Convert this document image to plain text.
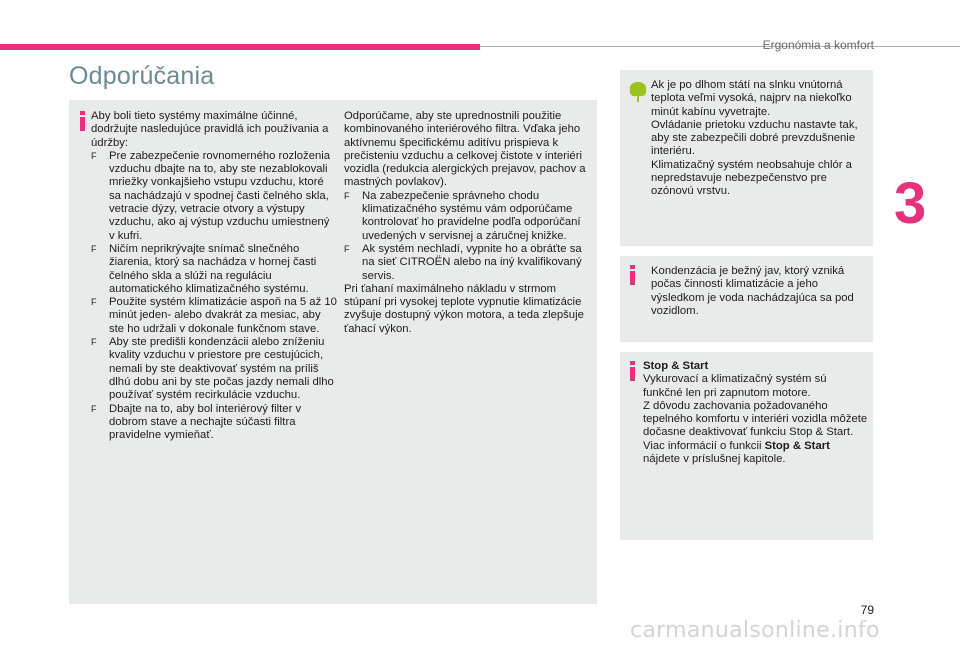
Ergonómia a komfort
Odporúčania

Aby boli tieto systémy maximálne účinné, dodržujte nasledujúce pravidlá ich používania a údržby:

F Pre zabezpečenie rovnomerného rozloženia vzduchu dbajte na to, aby ste nezablokovali mriežky vonkajšieho vstupu vzduchu, ktoré sa nachádzajú v spodnej časti čelného skla, vetracie dýzy, vetracie otvory a výstupy vzduchu, ako aj výstup vzduchu umiestnený v kufri.

F Ničím neprikrývajte snímač slnečného žiarenia, ktorý sa nachádza v hornej časti čelného skla a slúži na reguláciu automatického klimatizačného systému.

F Použite systém klimatizácie aspoň na 5 až 10 minút jeden- alebo dvakrát za mesiac, aby ste ho udržali v dokonale funkčnom stave.

F Aby ste predišli kondenzácii alebo zníženiu kvality vzduchu v priestore pre cestujúcich, nemali by ste deaktivovať systém na príliš dlhú dobu ani by ste počas jazdy nemali dlho používať systém recirkulácie vzduchu.

F Dbajte na to, aby bol interiérový filter v dobrom stave a nechajte súčasti filtra pravidelne vymieňať.

Odporúčame, aby ste uprednostnili použitie kombinovaného interiérového filtra. Vďaka jeho aktívnemu špecifickému aditívu prispieva k prečisteniu vzduchu a celkovej čistote v interiéri vozidla (redukcia alergických prejavov, pachov a mastných povlakov).

F Na zabezpečenie správneho chodu klimatizačného systému vám odporúčame kontrolovať ho pravidelne podľa odporúčaní uvedených v servisnej a záručnej knižke.

F Ak systém nechladí, vypnite ho a obráťte sa na sieť CITROËN alebo na iný kvalifikovaný servis.

Pri ťahaní maximálneho nákladu v strmom stúpaní pri vysokej teplote vypnutie klimatizácie zvyšuje dostupný výkon motora, a teda zlepšuje ťahací výkon.

Ak je po dlhom státí na slnku vnútorná teplota veľmi vysoká, najprv na niekoľko minút kabínu vyvetrajte.
Ovládanie prietoku vzduchu nastavte tak, aby ste zabezpečili dobré prevzdušnenie interiéru.
Klimatizačný systém neobsahuje chlór a nepredstavuje nebezpečenstvo pre ozónovú vrstvu.
Kondenzácia je bežný jav, ktorý vzniká počas činnosti klimatizácie a jeho výsledkom je voda nachádzajúca sa pod vozidlom.

Stop & Start

Vykurovací a klimatizačný systém sú funkčné len pri zapnutom motore.

Z dôvodu zachovania požadovaného tepelného komfortu v interiéri vozidla môžete dočasne deaktivovať funkciu Stop & Start.

Viac informácií o funkcii Stop & Start nájdete v príslušnej kapitole.

3
79
carmanualsonline.info
